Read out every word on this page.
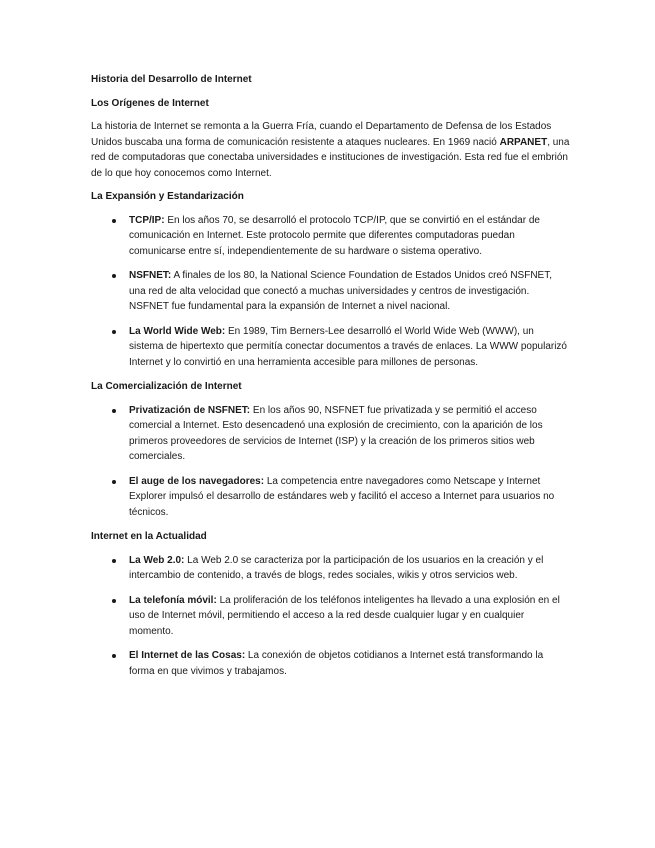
Historia del Desarrollo de Internet
Los Orígenes de Internet

La historia de Internet se remonta a la Guerra Fría, cuando el Departamento de Defensa de los Estados Unidos buscaba una forma de comunicación resistente a ataques nucleares. En 1969 nació ARPANET, una red de computadoras que conectaba universidades e instituciones de investigación. Esta red fue el embrión de lo que hoy conocemos como Internet.

La Expansión y Estandarización
TCP/IP: En los años 70, se desarrolló el protocolo TCP/IP, que se convirtió en el estándar de comunicación en Internet. Este protocolo permite que diferentes computadoras puedan comunicarse entre sí, independientemente de su hardware o sistema operativo.
NSFNET: A finales de los 80, la National Science Foundation de Estados Unidos creó NSFNET, una red de alta velocidad que conectó a muchas universidades y centros de investigación. NSFNET fue fundamental para la expansión de Internet a nivel nacional.
La World Wide Web: En 1989, Tim Berners-Lee desarrolló el World Wide Web (WWW), un sistema de hipertexto que permitía conectar documentos a través de enlaces. La WWW popularizó Internet y lo convirtió en una herramienta accesible para millones de personas.
La Comercialización de Internet
Privatización de NSFNET: En los años 90, NSFNET fue privatizada y se permitió el acceso comercial a Internet. Esto desencadenó una explosión de crecimiento, con la aparición de los primeros proveedores de servicios de Internet (ISP) y la creación de los primeros sitios web comerciales.
El auge de los navegadores: La competencia entre navegadores como Netscape y Internet Explorer impulsó el desarrollo de estándares web y facilitó el acceso a Internet para usuarios no técnicos.
Internet en la Actualidad
La Web 2.0: La Web 2.0 se caracteriza por la participación de los usuarios en la creación y el intercambio de contenido, a través de blogs, redes sociales, wikis y otros servicios web.
La telefonía móvil: La proliferación de los teléfonos inteligentes ha llevado a una explosión en el uso de Internet móvil, permitiendo el acceso a la red desde cualquier lugar y en cualquier momento.
El Internet de las Cosas: La conexión de objetos cotidianos a Internet está transformando la forma en que vivimos y trabajamos.
